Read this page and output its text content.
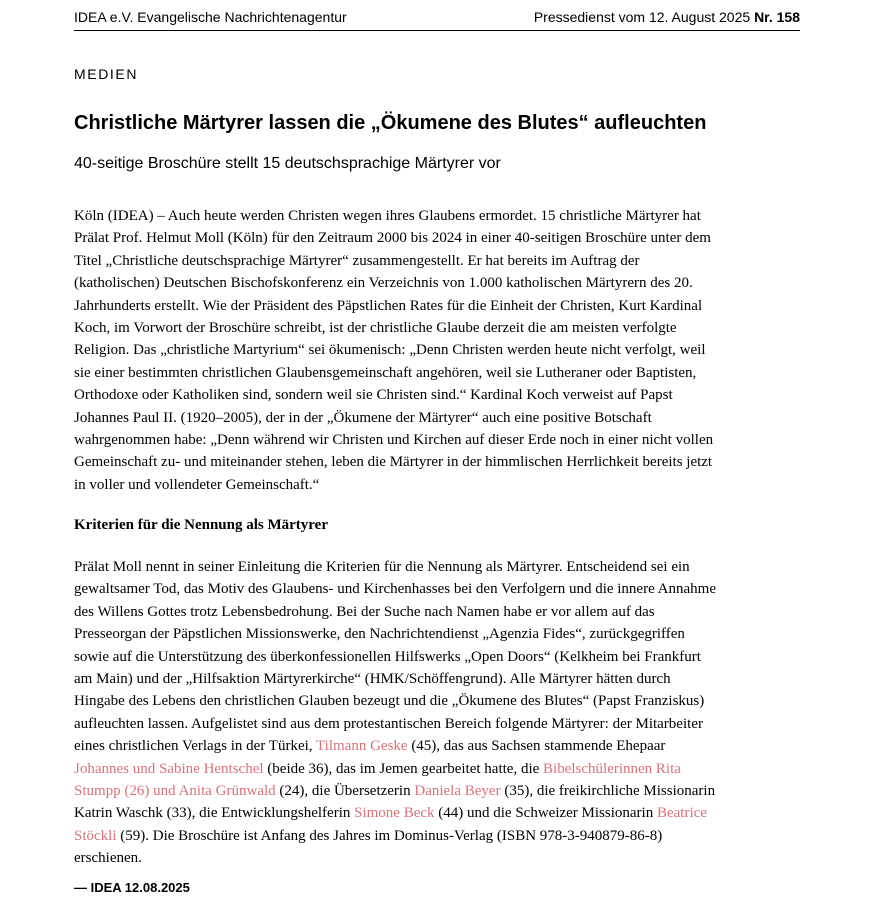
IDEA e.V. Evangelische Nachrichtenagentur	Pressedienst vom 12. August 2025 Nr. 158
MEDIEN
Christliche Märtyrer lassen die „Ökumene des Blutes“ aufleuchten
40-seitige Broschüre stellt 15 deutschsprachige Märtyrer vor
Köln (IDEA) – Auch heute werden Christen wegen ihres Glaubens ermordet. 15 christliche Märtyrer hat
Prälat Prof. Helmut Moll (Köln) für den Zeitraum 2000 bis 2024 in einer 40-seitigen Broschüre unter dem
Titel „Christliche deutschsprachige Märtyrer“ zusammengestellt. Er hat bereits im Auftrag der
(katholischen) Deutschen Bischofskonferenz ein Verzeichnis von 1.000 katholischen Märtyrern des 20.
Jahrhunderts erstellt. Wie der Präsident des Päpstlichen Rates für die Einheit der Christen, Kurt Kardinal
Koch, im Vorwort der Broschüre schreibt, ist der christliche Glaube derzeit die am meisten verfolgte
Religion. Das „christliche Martyrium“ sei ökumenisch: „Denn Christen werden heute nicht verfolgt, weil
sie einer bestimmten christlichen Glaubensgemeinschaft angehören, weil sie Lutheraner oder Baptisten,
Orthodoxe oder Katholiken sind, sondern weil sie Christen sind.“ Kardinal Koch verweist auf Papst
Johannes Paul II. (1920–2005), der in der „Ökumene der Märtyrer“ auch eine positive Botschaft
wahrgenommen habe: „Denn während wir Christen und Kirchen auf dieser Erde noch in einer nicht vollen
Gemeinschaft zu- und miteinander stehen, leben die Märtyrer in der himmlischen Herrlichkeit bereits jetzt
in voller und vollendeter Gemeinschaft.“
Kriterien für die Nennung als Märtyrer
Prälat Moll nennt in seiner Einleitung die Kriterien für die Nennung als Märtyrer. Entscheidend sei ein
gewaltsamer Tod, das Motiv des Glaubens- und Kirchenhasses bei den Verfolgern und die innere Annahme
des Willens Gottes trotz Lebensbedrohung. Bei der Suche nach Namen habe er vor allem auf das
Presseorgan der Päpstlichen Missionswerke, den Nachrichtendienst „Agenzia Fides“, zurückgegriffen
sowie auf die Unterstützung des überkonfessionellen Hilfswerks „Open Doors“ (Kelkheim bei Frankfurt
am Main) und der „Hilfsaktion Märtyrerkirche“ (HMK/Schöffengrund). Alle Märtyrer hätten durch
Hingabe des Lebens den christlichen Glauben bezeugt und die „Ökumene des Blutes“ (Papst Franziskus)
aufleuchten lassen. Aufgelistet sind aus dem protestantischen Bereich folgende Märtyrer: der Mitarbeiter
eines christlichen Verlags in der Türkei, Tilmann Geske (45), das aus Sachsen stammende Ehepaar
Johannes und Sabine Hentschel (beide 36), das im Jemen gearbeitet hatte, die Bibelschülerinnen Rita
Stumpp (26) und Anita Grünwald (24), die Übersetzerin Daniela Beyer (35), die freikirchliche Missionarin
Katrin Waschk (33), die Entwicklungshelferin Simone Beck (44) und die Schweizer Missionarin Beatrice
Stöckli (59). Die Broschüre ist Anfang des Jahres im Dominus-Verlag (ISBN 978-3-940879-86-8)
erschienen.
— IDEA 12.08.2025
